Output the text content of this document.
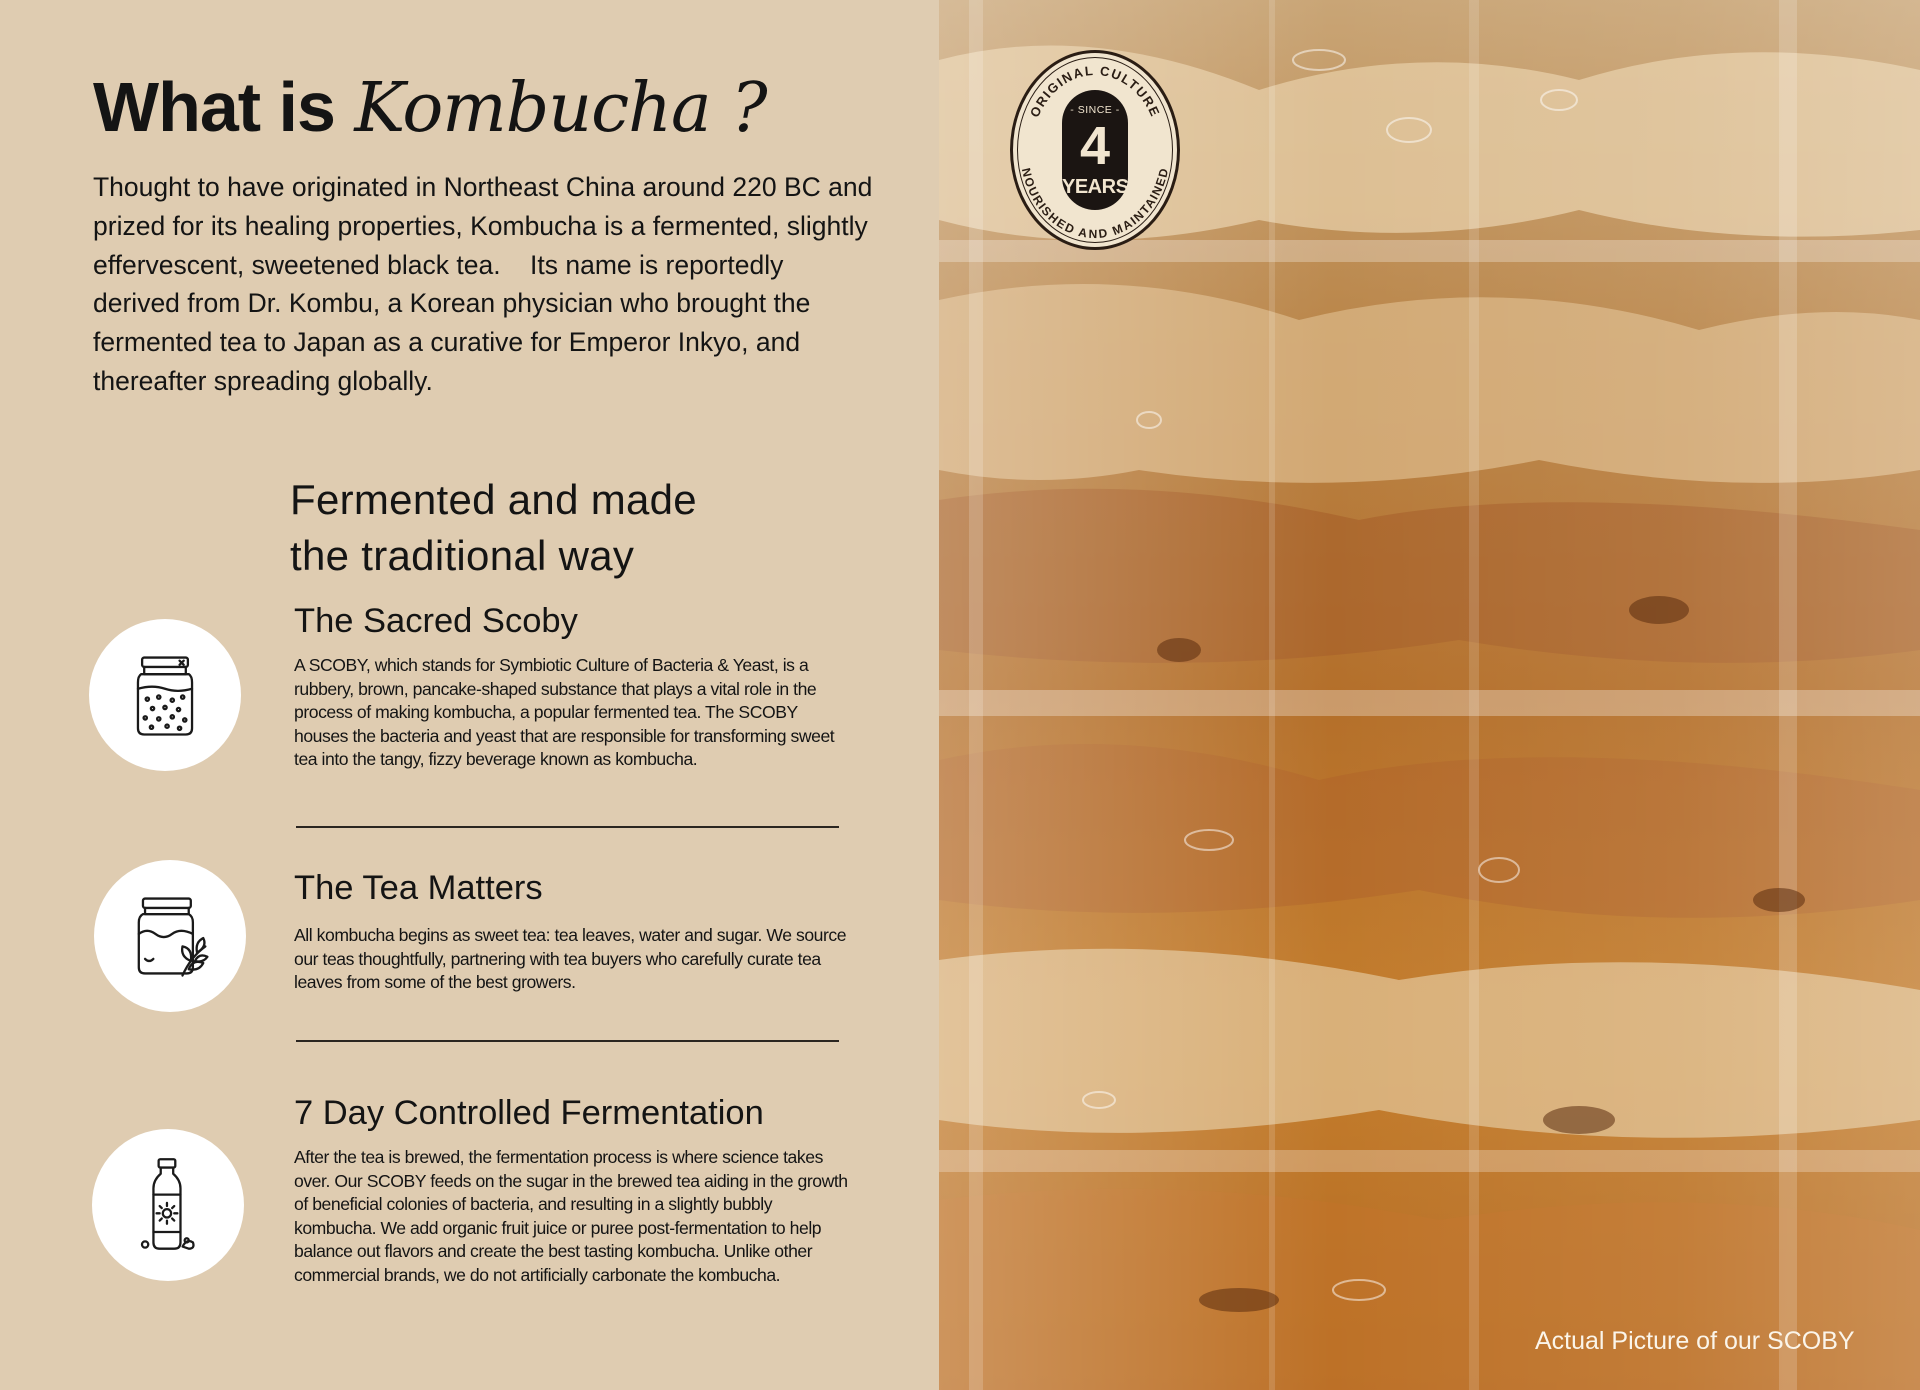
What is Kombucha ?

Thought to have originated in Northeast China around 220 BC and prized for its healing properties, Kombucha is a fermented, slightly effervescent, sweetened black tea.    Its name is reportedly derived from Dr. Kombu, a Korean physician who brought the fermented tea to Japan as a curative for Emperor Inkyo, and thereafter spreading globally.

Fermented and made
the traditional way
The Sacred Scoby

A SCOBY, which stands for Symbiotic Culture of Bacteria & Yeast, is a rubbery, brown, pancake-shaped substance that plays a vital role in the process of making kombucha, a popular fermented tea. The SCOBY houses the bacteria and yeast that are responsible for transforming sweet tea into the tangy, fizzy beverage known as kombucha.

The Tea Matters

All kombucha begins as sweet tea: tea leaves, water and sugar. We source our teas thoughtfully, partnering with tea buyers who carefully curate tea leaves from some of the best growers.

7 Day Controlled Fermentation

After the tea is brewed, the fermentation process is where science takes over. Our SCOBY feeds on the sugar in the brewed tea aiding in the growth of beneficial colonies of bacteria, and resulting in a slightly bubbly kombucha. We add organic fruit juice or puree post-fermentation to help balance out flavors and create the best tasting kombucha. Unlike other commercial brands, we do not artificially carbonate the kombucha.

ORIGINAL CULTURE
NOURISHED AND MAINTAINED
- SINCE -
4
YEARS
Actual Picture of our SCOBY
